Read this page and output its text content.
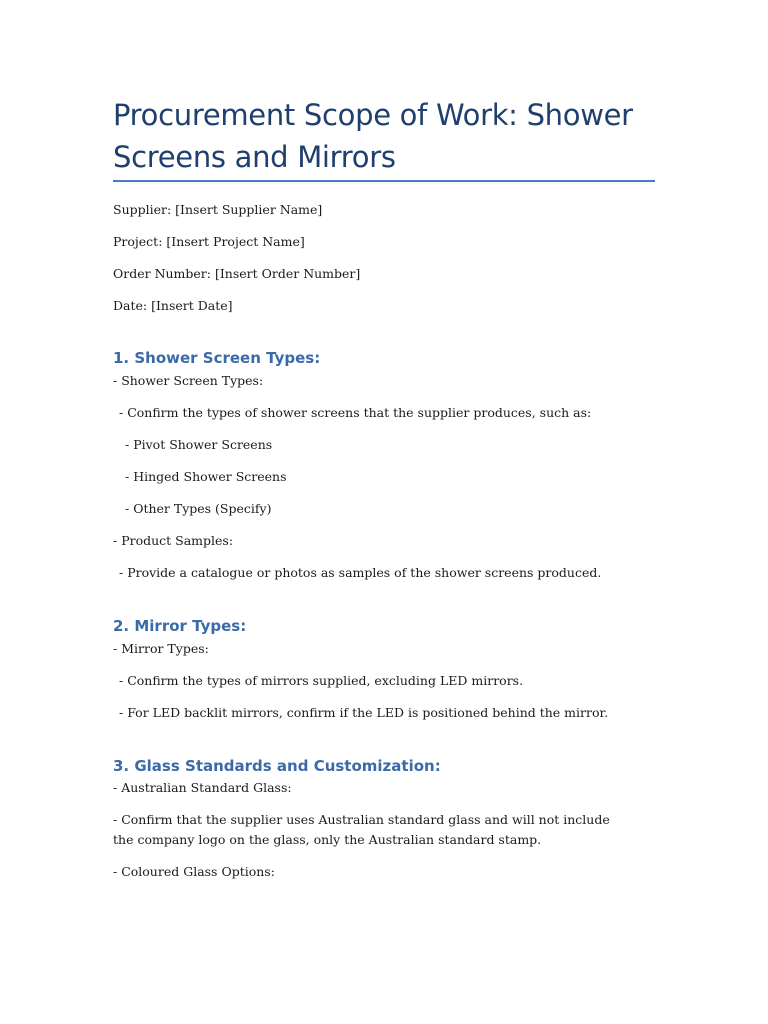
Procurement Scope of Work: Shower Screens and Mirrors
Supplier: [Insert Supplier Name]
Project: [Insert Project Name]
Order Number: [Insert Order Number]
Date: [Insert Date]
1. Shower Screen Types:
- Shower Screen Types:
- Confirm the types of shower screens that the supplier produces, such as:
- Pivot Shower Screens
- Hinged Shower Screens
- Other Types (Specify)
- Product Samples:
- Provide a catalogue or photos as samples of the shower screens produced.
2. Mirror Types:
- Mirror Types:
- Confirm the types of mirrors supplied, excluding LED mirrors.
- For LED backlit mirrors, confirm if the LED is positioned behind the mirror.
3. Glass Standards and Customization:
- Australian Standard Glass:
- Confirm that the supplier uses Australian standard glass and will not include the company logo on the glass, only the Australian standard stamp.
- Coloured Glass Options:
